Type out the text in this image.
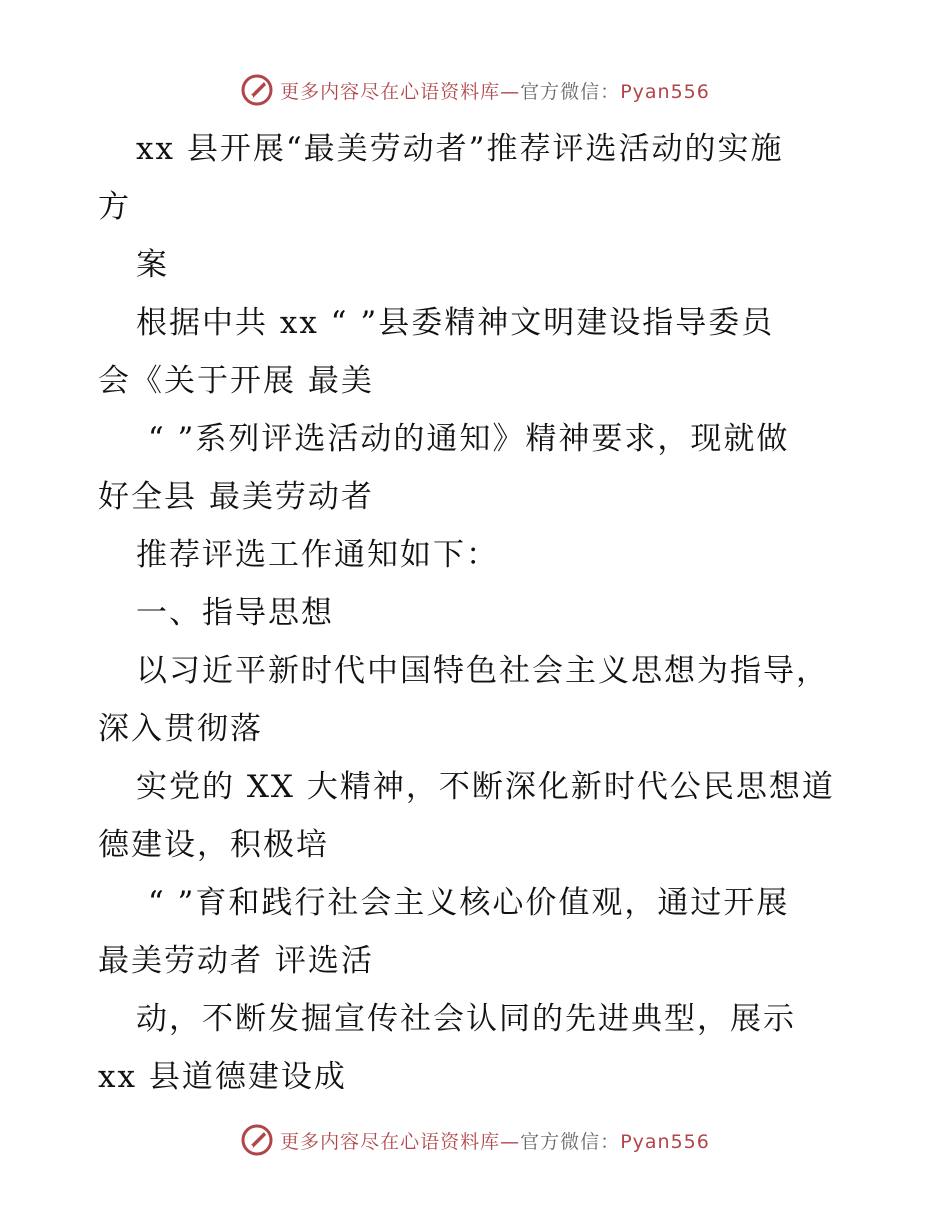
更多内容尽在心语资料库—官方微信：Pyan556
xx 县开展“最美劳动者”推荐评选活动的实施
方
案
根据中共 xx “ ”县委精神文明建设指导委员
会《关于开展 最美
“ ”系列评选活动的通知》精神要求，现就做
好全县 最美劳动者
推荐评选工作通知如下：
一、指导思想
以习近平新时代中国特色社会主义思想为指导，
深入贯彻落
实党的 XX 大精神，不断深化新时代公民思想道
德建设，积极培
“ ”育和践行社会主义核心价值观，通过开展
最美劳动者 评选活
动，不断发掘宣传社会认同的先进典型，展示
xx 县道德建设成
更多内容尽在心语资料库—官方微信：Pyan556
